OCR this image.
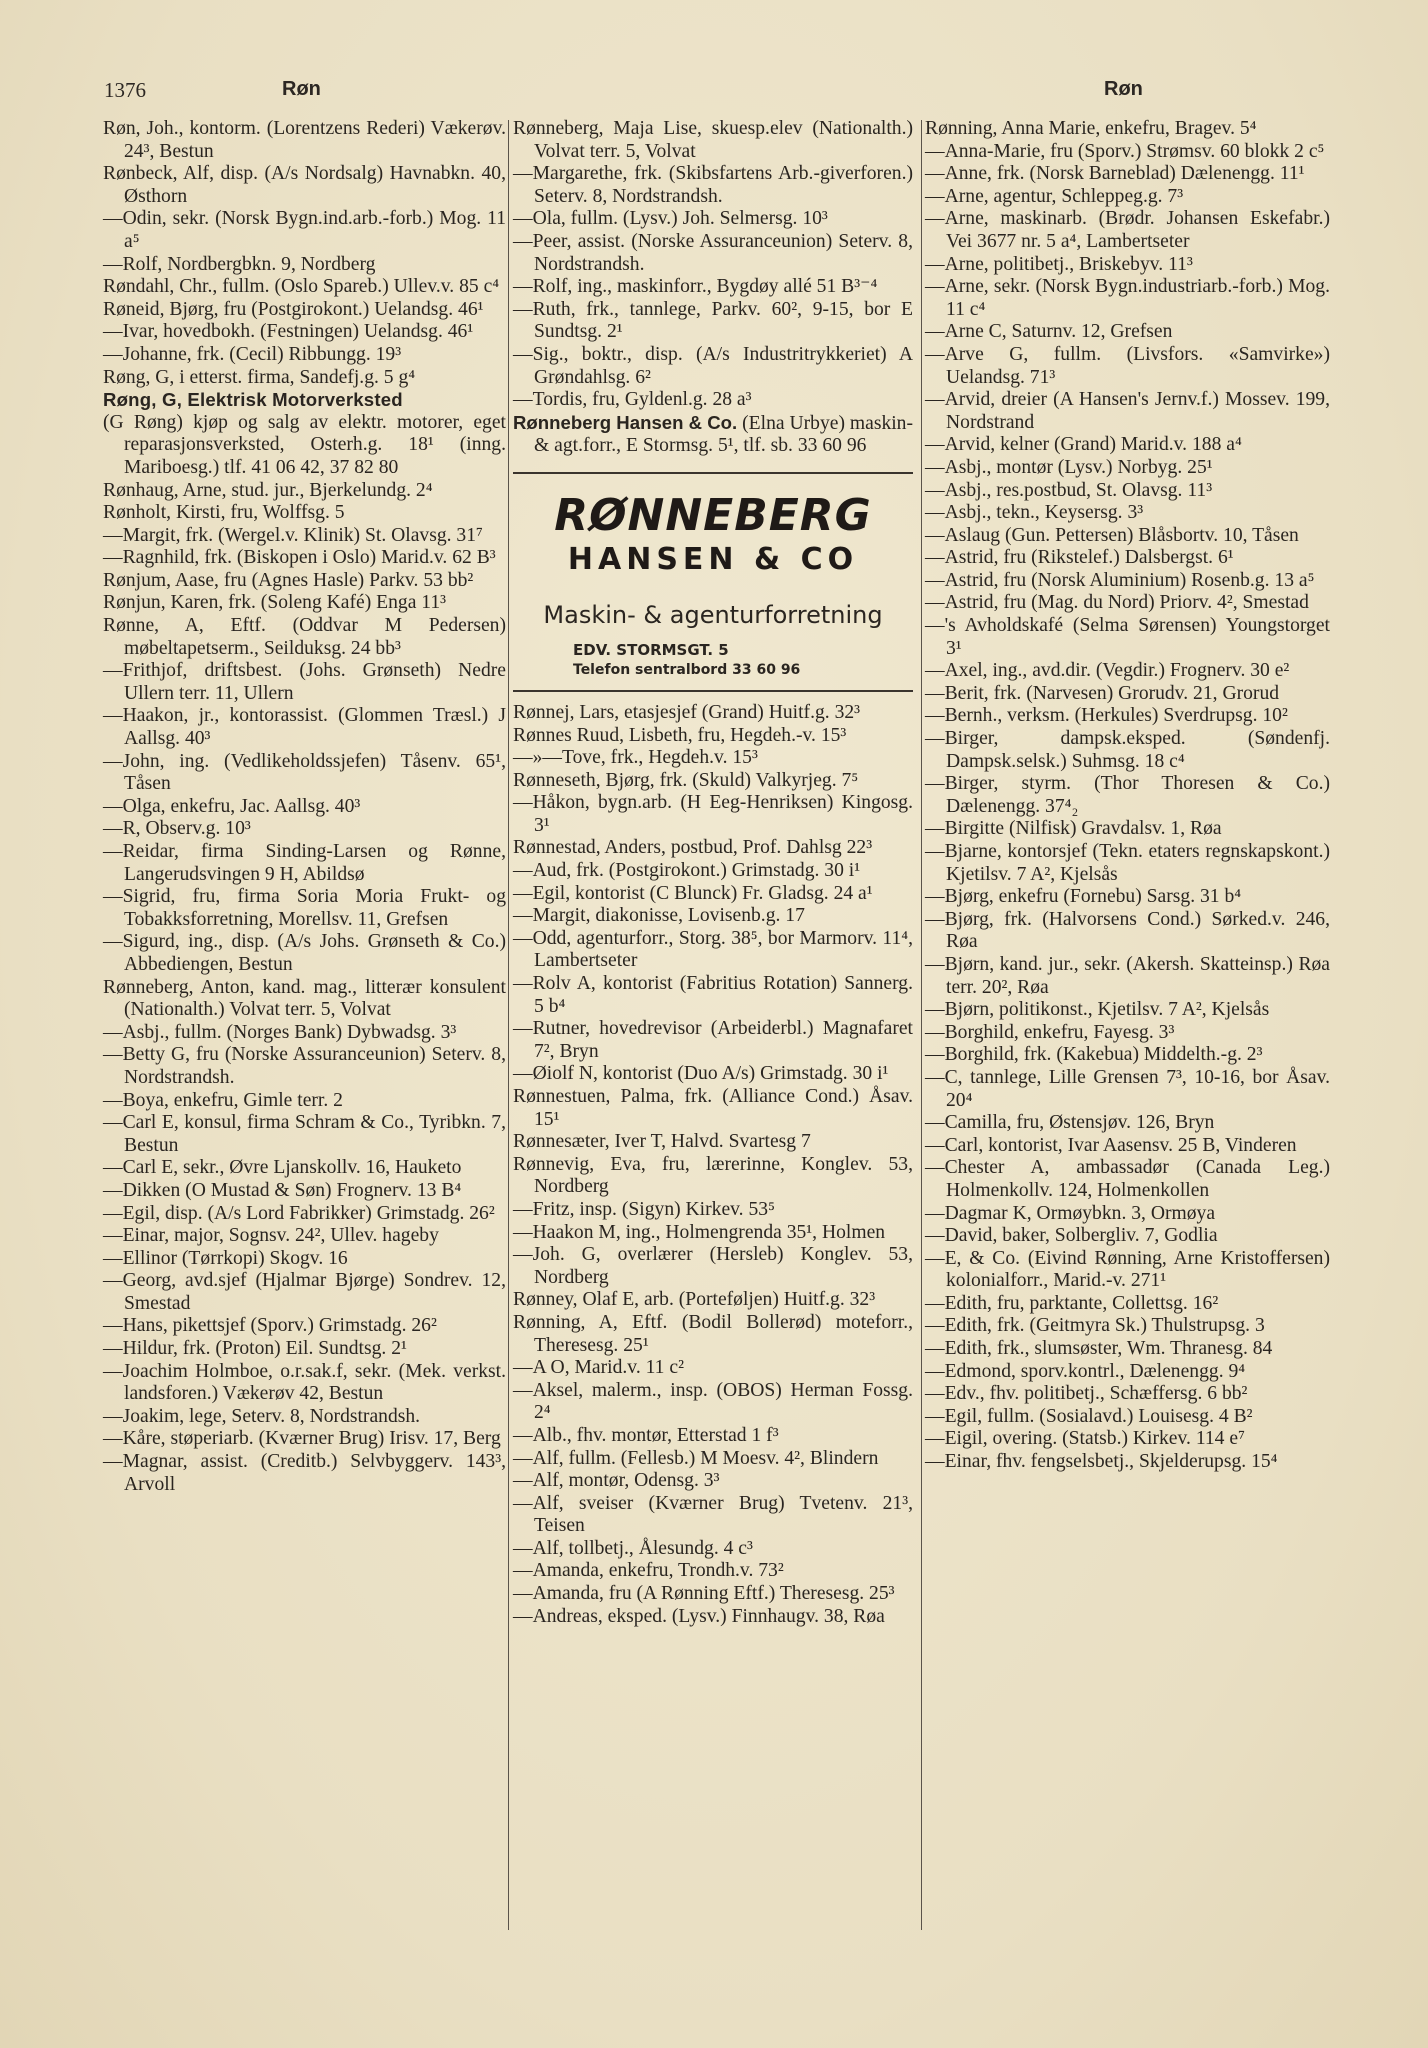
1376	Røn	Røn
Røn, Joh., kontorm. (Lorentzens Rederi) Vækerøv. 24³, Bestun
Rønbeck, Alf, disp. (A/s Nordsalg) Havnabkn. 40, Østhorn
—Odin, sekr. (Norsk Bygn.ind.arb.-forb.) Mog. 11 a⁵
—Rolf, Nordbergbkn. 9, Nordberg
Røndahl, Chr., fullm. (Oslo Spareb.) Ullev.v. 85 c⁴
Røneid, Bjørg, fru (Postgirokont.) Uelandsg. 46¹
—Ivar, hovedbokh. (Festningen) Uelandsg. 46¹
—Johanne, frk. (Cecil) Ribbungg. 19³
Røng, G, i etterst. firma, Sandefj.g. 5 g⁴
Røng, G, Elektrisk Motorverksted
(G Røng) kjøp og salg av elektr. motorer, eget reparasjonsverksted, Osterh.g. 18¹ (inng. Mariboesg.) tlf. 41 06 42, 37 82 80
Rønhaug, Arne, stud. jur., Bjerkelundg. 2⁴
Rønholt, Kirsti, fru, Wolffsg. 5
—Margit, frk. (Wergel.v. Klinik) St. Olavsg. 31⁷
—Ragnhild, frk. (Biskopen i Oslo) Marid.v. 62 B³
Rønjum, Aase, fru (Agnes Hasle) Parkv. 53 bb²
Rønjun, Karen, frk. (Soleng Kafé) Enga 11³
Rønne, A, Eftf. (Oddvar M Pedersen) møbeltapetserm., Seilduksg. 24 bb³
—Frithjof, driftsbest. (Johs. Grønseth) Nedre Ullern terr. 11, Ullern
—Haakon, jr., kontorassist. (Glommen Træsl.) J Aallsg. 40³
—John, ing. (Vedlikeholdssjefen) Tåsenv. 65¹, Tåsen
—Olga, enkefru, Jac. Aallsg. 40³
—R, Observ.g. 10³
—Reidar, firma Sinding-Larsen og Rønne, Langerudsvingen 9 H, Abildsø
—Sigrid, fru, firma Soria Moria Frukt- og Tobakksforretning, Morellsv. 11, Grefsen
—Sigurd, ing., disp. (A/s Johs. Grønseth & Co.) Abbediengen, Bestun
Rønneberg, Anton, kand. mag., litterær konsulent (Nationalth.) Volvat terr. 5, Volvat
—Asbj., fullm. (Norges Bank) Dybwadsg. 3³
—Betty G, fru (Norske Assuranceunion) Seterv. 8, Nordstrandsh.
—Boya, enkefru, Gimle terr. 2
—Carl E, konsul, firma Schram & Co., Tyribkn. 7, Bestun
—Carl E, sekr., Øvre Ljanskollv. 16, Hauketo
—Dikken (O Mustad & Søn) Frognerv. 13 B⁴
—Egil, disp. (A/s Lord Fabrikker) Grimstadg. 26²
—Einar, major, Sognsv. 24², Ullev. hageby
—Ellinor (Tørrkopi) Skogv. 16
—Georg, avd.sjef (Hjalmar Bjørge) Sondrev. 12, Smestad
—Hans, pikettsjef (Sporv.) Grimstadg. 26²
—Hildur, frk. (Proton) Eil. Sundtsg. 2¹
—Joachim Holmboe, o.r.sak.f, sekr. (Mek. verkst. landsforen.) Vækerøv 42, Bestun
—Joakim, lege, Seterv. 8, Nordstrandsh.
—Kåre, støperiarb. (Kværner Brug) Irisv. 17, Berg
—Magnar, assist. (Creditb.) Selvbyggerv. 143³, Arvoll
Rønneberg, Maja Lise, skuesp.elev (Nationalth.) Volvat terr. 5, Volvat
—Margarethe, frk. (Skibsfartens Arb.-giverforen.) Seterv. 8, Nordstrandsh.
—Ola, fullm. (Lysv.) Joh. Selmersg. 10³
—Peer, assist. (Norske Assuranceunion) Seterv. 8, Nordstrandsh.
—Rolf, ing., maskinforr., Bygdøy allé 51 B³⁻⁴
—Ruth, frk., tannlege, Parkv. 60², 9-15, bor E Sundtsg. 2¹
—Sig., boktr., disp. (A/s Industritrykkeriet) A Grøndahlsg. 6²
—Tordis, fru, Gyldenl.g. 28 a³
Rønneberg Hansen & Co. (Elna Urbye) maskin- & agt.forr., E Stormsg. 5¹, tlf. sb. 33 60 96
RØNNEBERG
HANSEN & CO
Maskin- & agenturforretning
EDV. STORMSGT. 5
Telefon sentralbord 33 60 96
Rønnej, Lars, etasjesjef (Grand) Huitf.g. 32³
Rønnes Ruud, Lisbeth, fru, Hegdeh.-v. 15³
—»—Tove, frk., Hegdeh.v. 15³
Rønneseth, Bjørg, frk. (Skuld) Valkyrjeg. 7⁵
—Håkon, bygn.arb. (H Eeg-Henriksen) Kingosg. 3¹
Rønnestad, Anders, postbud, Prof. Dahlsg 22³
—Aud, frk. (Postgirokont.) Grimstadg. 30 i¹
—Egil, kontorist (C Blunck) Fr. Gladsg. 24 a¹
—Margit, diakonisse, Lovisenb.g. 17
—Odd, agenturforr., Storg. 38⁵, bor Marmorv. 11⁴, Lambertseter
—Rolv A, kontorist (Fabritius Rotation) Sannerg. 5 b⁴
—Rutner, hovedrevisor (Arbeiderbl.) Magnafaret 7², Bryn
—Øiolf N, kontorist (Duo A/s) Grimstadg. 30 i¹
Rønnestuen, Palma, frk. (Alliance Cond.) Åsav. 15¹
Rønnesæter, Iver T, Halvd. Svartesg 7
Rønnevig, Eva, fru, lærerinne, Konglev. 53, Nordberg
—Fritz, insp. (Sigyn) Kirkev. 53⁵
—Haakon M, ing., Holmengrenda 35¹, Holmen
—Joh. G, overlærer (Hersleb) Konglev. 53, Nordberg
Rønney, Olaf E, arb. (Porteføljen) Huitf.g. 32³
Rønning, A, Eftf. (Bodil Bollerød) moteforr., Theresesg. 25¹
—A O, Marid.v. 11 c²
—Aksel, malerm., insp. (OBOS) Herman Fossg. 2⁴
—Alb., fhv. montør, Etterstad 1 f³
—Alf, fullm. (Fellesb.) M Moesv. 4², Blindern
—Alf, montør, Odensg. 3³
—Alf, sveiser (Kværner Brug) Tvetenv. 21³, Teisen
—Alf, tollbetj., Ålesundg. 4 c³
—Amanda, enkefru, Trondh.v. 73²
—Amanda, fru (A Rønning Eftf.) Theresesg. 25³
—Andreas, eksped. (Lysv.) Finnhaugv. 38, Røa
Rønning, Anna Marie, enkefru, Bragev. 5⁴
—Anna-Marie, fru (Sporv.) Strømsv. 60 blokk 2 c⁵
—Anne, frk. (Norsk Barneblad) Dælenengg. 11¹
—Arne, agentur, Schleppeg.g. 7³
—Arne, maskinarb. (Brødr. Johansen Eskefabr.) Vei 3677 nr. 5 a⁴, Lambertseter
—Arne, politibetj., Briskebyv. 11³
—Arne, sekr. (Norsk Bygn.industriarb.-forb.) Mog. 11 c⁴
—Arne C, Saturnv. 12, Grefsen
—Arve G, fullm. (Livsfors. «Samvirke») Uelandsg. 71³
—Arvid, dreier (A Hansen's Jernv.f.) Mossev. 199, Nordstrand
—Arvid, kelner (Grand) Marid.v. 188 a⁴
—Asbj., montør (Lysv.) Norbyg. 25¹
—Asbj., res.postbud, St. Olavsg. 11³
—Asbj., tekn., Keysersg. 3³
—Aslaug (Gun. Pettersen) Blåsbortv. 10, Tåsen
—Astrid, fru (Rikstelef.) Dalsbergst. 6¹
—Astrid, fru (Norsk Aluminium) Rosenb.g. 13 a⁵
—Astrid, fru (Mag. du Nord) Priorv. 4², Smestad
—'s Avholdskafé (Selma Sørensen) Youngstorget 3¹
—Axel, ing., avd.dir. (Vegdir.) Frognerv. 30 e²
—Berit, frk. (Narvesen) Grorudv. 21, Grorud
—Bernh., verksm. (Herkules) Sverdrupsg. 10²
—Birger, dampsk.eksped. (Søndenfj. Dampsk.selsk.) Suhmsg. 18 c⁴
—Birger, styrm. (Thor Thoresen & Co.) Dælenengg. 37⁴₂
—Birgitte (Nilfisk) Gravdalsv. 1, Røa
—Bjarne, kontorsjef (Tekn. etaters regnskapskont.) Kjetilsv. 7 A², Kjelsås
—Bjørg, enkefru (Fornebu) Sarsg. 31 b⁴
—Bjørg, frk. (Halvorsens Cond.) Sørked.v. 246, Røa
—Bjørn, kand. jur., sekr. (Akersh. Skatteinsp.) Røa terr. 20², Røa
—Bjørn, politikonst., Kjetilsv. 7 A², Kjelsås
—Borghild, enkefru, Fayesg. 3³
—Borghild, frk. (Kakebua) Middelth.-g. 2³
—C, tannlege, Lille Grensen 7³, 10-16, bor Åsav. 20⁴
—Camilla, fru, Østensjøv. 126, Bryn
—Carl, kontorist, Ivar Aasensv. 25 B, Vinderen
—Chester A, ambassadør (Canada Leg.) Holmenkollv. 124, Holmenkollen
—Dagmar K, Ormøybkn. 3, Ormøya
—David, baker, Solbergliv. 7, Godlia
—E, & Co. (Eivind Rønning, Arne Kristoffersen) kolonialforr., Marid.-v. 271¹
—Edith, fru, parktante, Collettsg. 16²
—Edith, frk. (Geitmyra Sk.) Thulstrupsg. 3
—Edith, frk., slumsøster, Wm. Thranesg. 84
—Edmond, sporv.kontrl., Dælenengg. 9⁴
—Edv., fhv. politibetj., Schæffersg. 6 bb²
—Egil, fullm. (Sosialavd.) Louisesg. 4 B²
—Eigil, overing. (Statsb.) Kirkev. 114 e⁷
—Einar, fhv. fengselsbetj., Skjelderupsg. 15⁴
